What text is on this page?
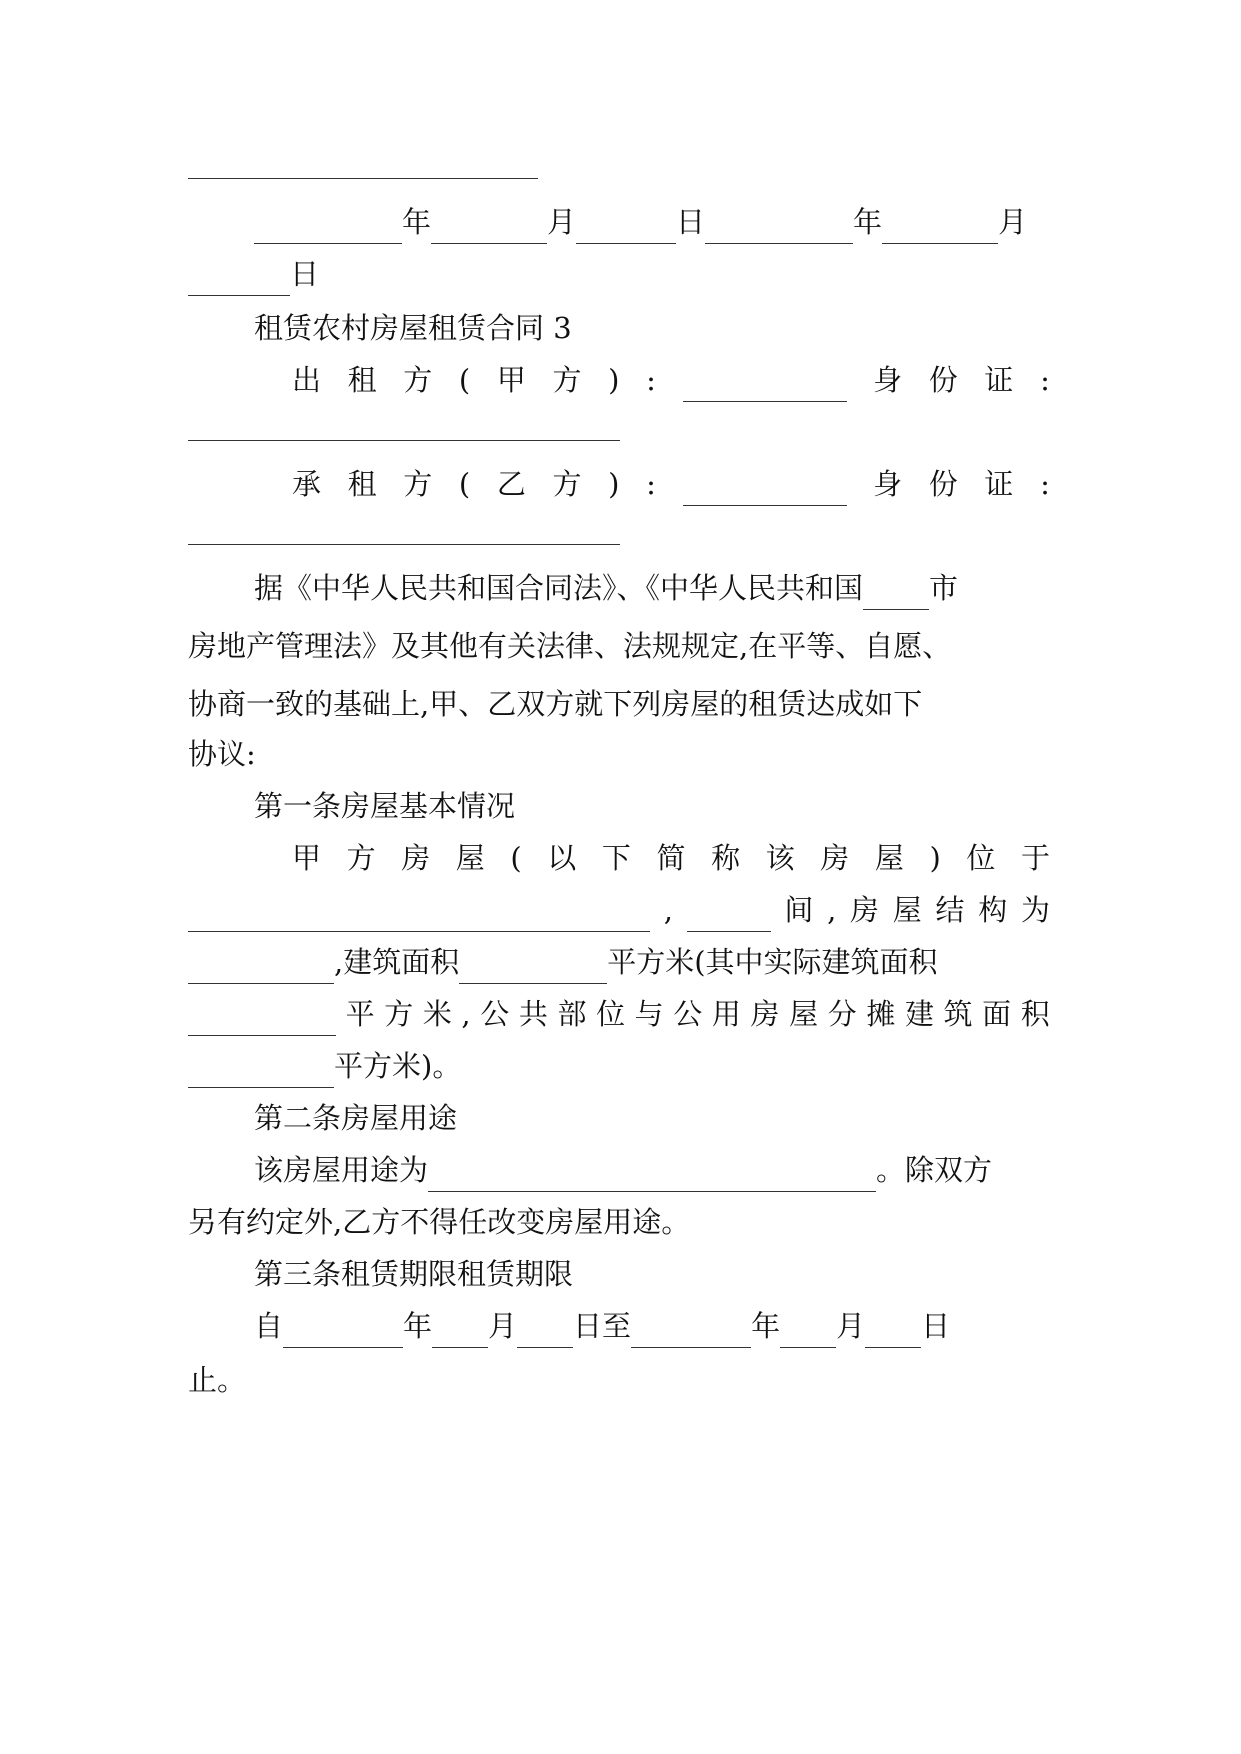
年	月	日	年	月
日
租赁农村房屋租赁合同 3
出 租 方 ( 甲 方 ) :	身 份 证 :
承 租 方 ( 乙 方 ) :	身 份 证 :
据《中华人民共和国合同法》、《中华人民共和国 市
房地产管理法》及其他有关法律、法规规定,在平等、自愿、
协商一致的基础上,甲、乙双方就下列房屋的租赁达成如下
协议:
第一条房屋基本情况
甲 方 房 屋 ( 以 下 简 称 该 房 屋 ) 位 于
,	间 , 房 屋 结 构 为
,建筑面积	平方米(其中实际建筑面积
平 方 米 , 公 共 部 位 与 公 用 房 屋 分 摊 建 筑 面 积
平方米)。
第二条房屋用途
该房屋用途为	。除双方
另有约定外,乙方不得任改变房屋用途。
第三条租赁期限租赁期限
自	年 月 日至	年 月 日
止。
